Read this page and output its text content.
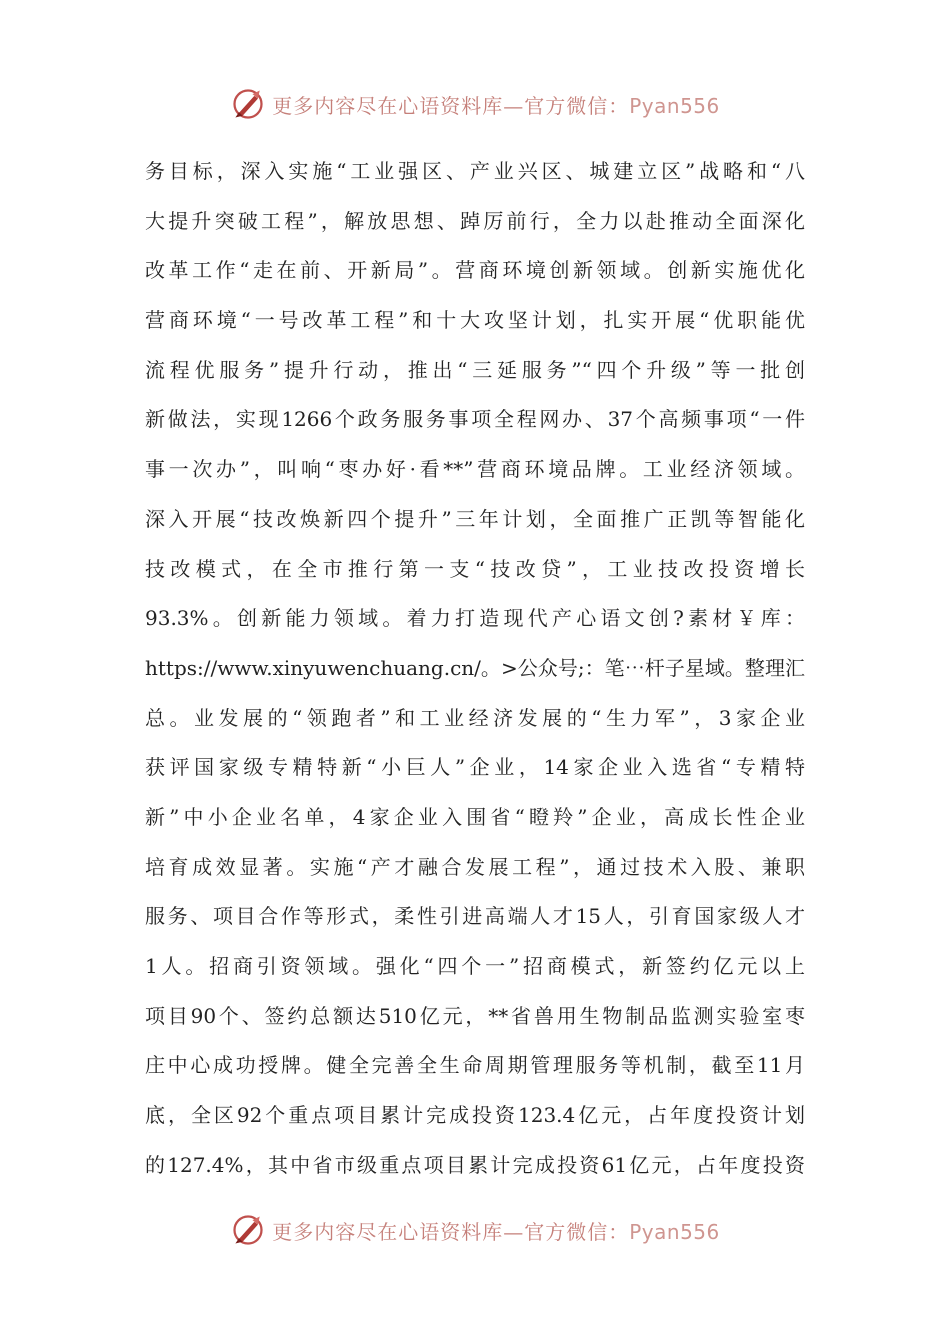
更多内容尽在心语资料库—官方微信：Pyan556
务目标，深入实施“工业强区、产业兴区、城建立区”战略和“八
大提升突破工程”，解放思想、踔厉前行，全力以赴推动全面深化
改革工作“走在前、开新局”。营商环境创新领域。创新实施优化
营商环境“一号改革工程”和十大攻坚计划，扎实开展“优职能优
流程优服务”提升行动，推出“三延服务”“四个升级”等一批创
新做法，实现1266个政务服务事项全程网办、37个高频事项“一件
事一次办”，叫响“枣办好·看**”营商环境品牌。工业经济领域。
深入开展“技改焕新四个提升”三年计划，全面推广正凯等智能化
技改模式，在全市推行第一支“技改贷”，工业技改投资增长
93.3%。创新能力领域。着力打造现代产心语文创?素材￥库：
https://www.xinyuwenchuang.cn/。>公众号;：笔⋯杆子星域。整理汇
总。业发展的“领跑者”和工业经济发展的“生力军”，3家企业
获评国家级专精特新“小巨人”企业，14家企业入选省“专精特
新”中小企业名单，4家企业入围省“瞪羚”企业，高成长性企业
培育成效显著。实施“产才融合发展工程”，通过技术入股、兼职
服务、项目合作等形式，柔性引进高端人才15人，引育国家级人才
1人。招商引资领域。强化“四个一”招商模式，新签约亿元以上
项目90个、签约总额达510亿元，**省兽用生物制品监测实验室枣
庄中心成功授牌。健全完善全生命周期管理服务等机制，截至11月
底，全区92个重点项目累计完成投资123.4亿元，占年度投资计划
的127.4%，其中省市级重点项目累计完成投资61亿元，占年度投资
更多内容尽在心语资料库—官方微信：Pyan556
